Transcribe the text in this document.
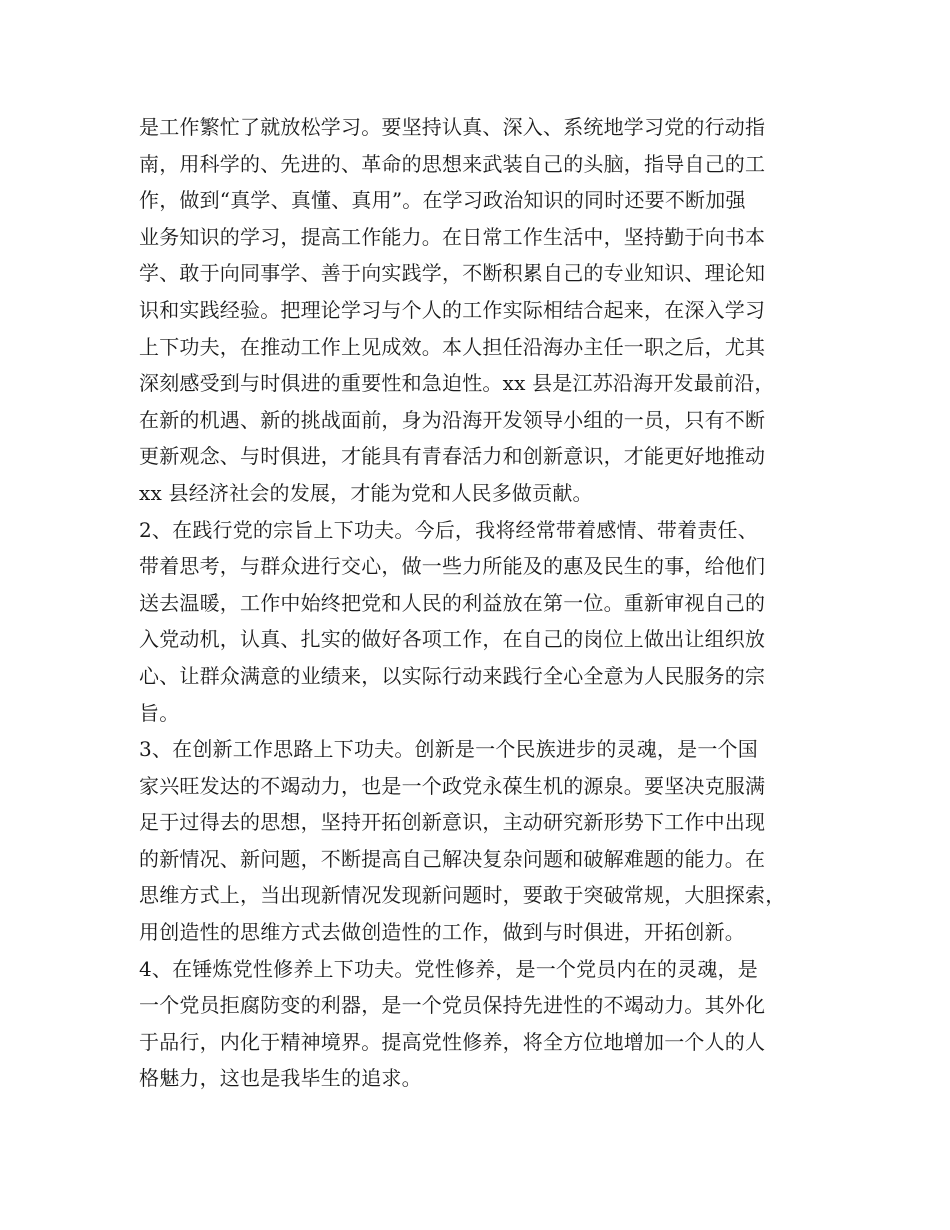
是工作繁忙了就放松学习。要坚持认真、深入、系统地学习党的行动指
南，用科学的、先进的、革命的思想来武装自己的头脑，指导自己的工
作，做到“真学、真懂、真用”。在学习政治知识的同时还要不断加强
业务知识的学习，提高工作能力。在日常工作生活中，坚持勤于向书本
学、敢于向同事学、善于向实践学，不断积累自己的专业知识、理论知
识和实践经验。把理论学习与个人的工作实际相结合起来，在深入学习
上下功夫，在推动工作上见成效。本人担任沿海办主任一职之后，尤其
深刻感受到与时俱进的重要性和急迫性。xx 县是江苏沿海开发最前沿，
在新的机遇、新的挑战面前，身为沿海开发领导小组的一员，只有不断
更新观念、与时俱进，才能具有青春活力和创新意识，才能更好地推动
xx 县经济社会的发展，才能为党和人民多做贡献。
2、在践行党的宗旨上下功夫。今后，我将经常带着感情、带着责任、
带着思考，与群众进行交心，做一些力所能及的惠及民生的事，给他们
送去温暖，工作中始终把党和人民的利益放在第一位。重新审视自己的
入党动机，认真、扎实的做好各项工作，在自己的岗位上做出让组织放
心、让群众满意的业绩来，以实际行动来践行全心全意为人民服务的宗
旨。
3、在创新工作思路上下功夫。创新是一个民族进步的灵魂，是一个国
家兴旺发达的不竭动力，也是一个政党永葆生机的源泉。要坚决克服满
足于过得去的思想，坚持开拓创新意识，主动研究新形势下工作中出现
的新情况、新问题，不断提高自己解决复杂问题和破解难题的能力。在
思维方式上，当出现新情况发现新问题时，要敢于突破常规，大胆探索，
用创造性的思维方式去做创造性的工作，做到与时俱进，开拓创新。
4、在锤炼党性修养上下功夫。党性修养，是一个党员内在的灵魂，是
一个党员拒腐防变的利器，是一个党员保持先进性的不竭动力。其外化
于品行，内化于精神境界。提高党性修养，将全方位地增加一个人的人
格魅力，这也是我毕生的追求。
